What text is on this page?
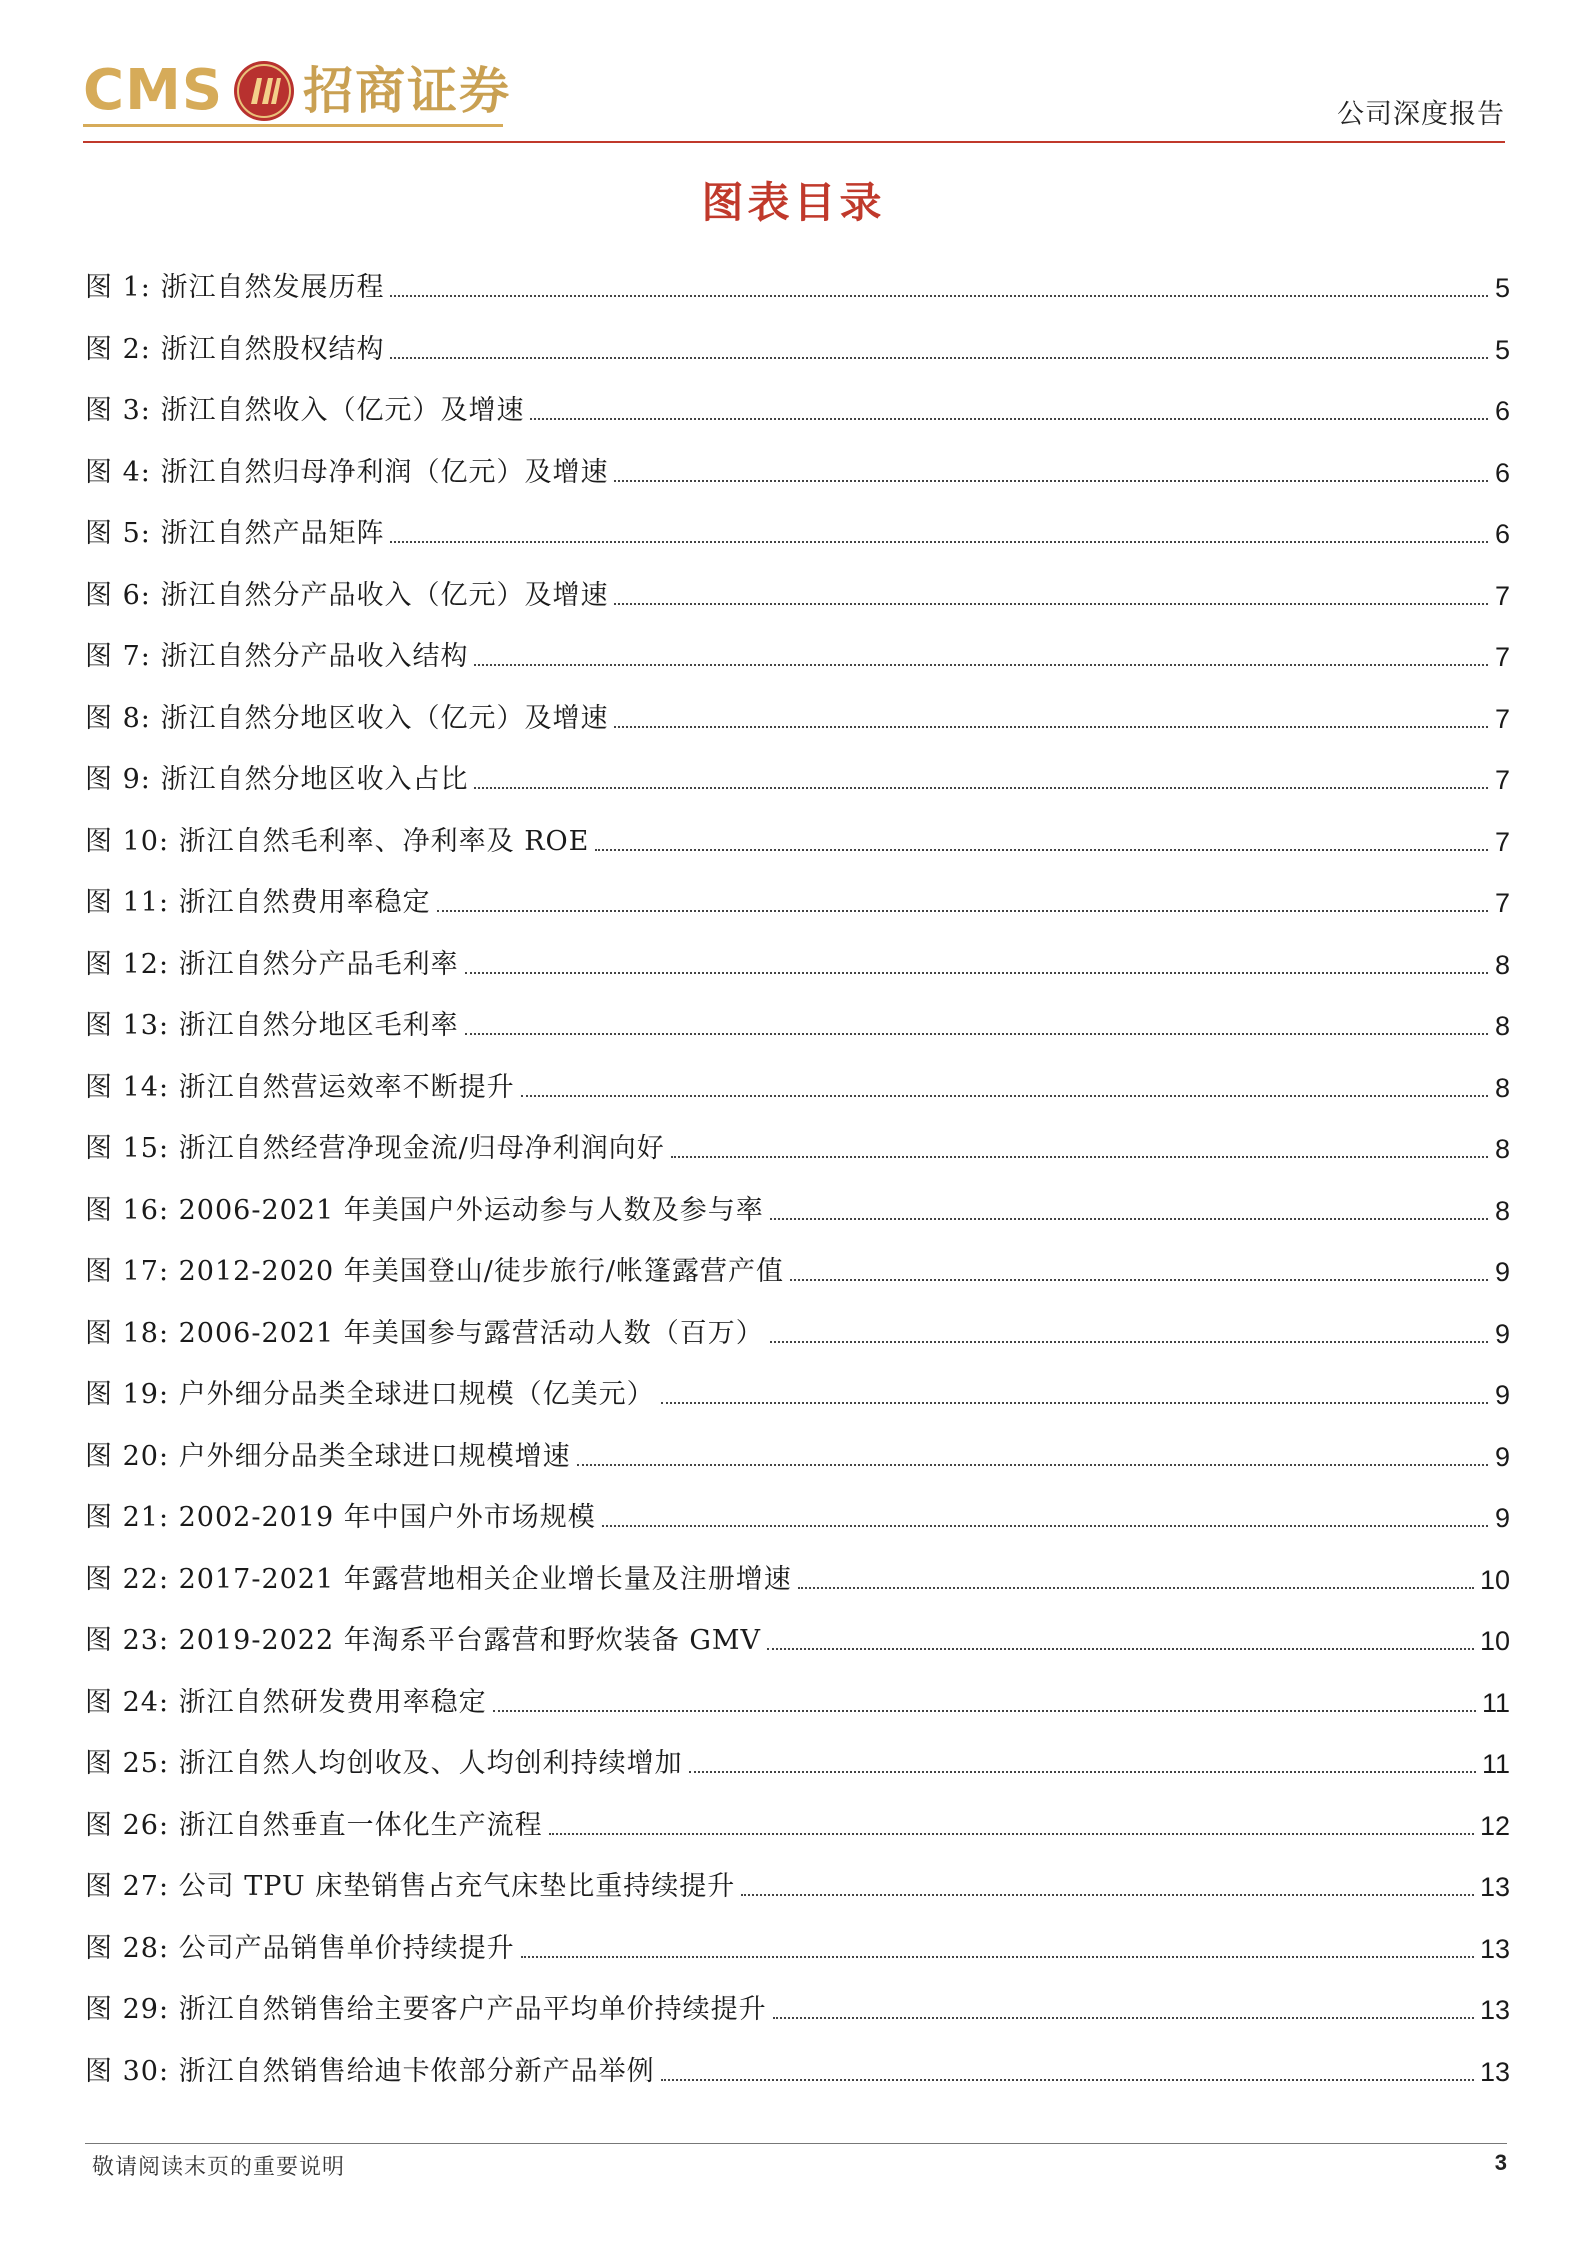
CMS 招商证券	公司深度报告
图表目录
图 1: 浙江自然发展历程	5
图 2: 浙江自然股权结构	5
图 3: 浙江自然收入（亿元）及增速	6
图 4: 浙江自然归母净利润（亿元）及增速	6
图 5: 浙江自然产品矩阵	6
图 6: 浙江自然分产品收入（亿元）及增速	7
图 7: 浙江自然分产品收入结构	7
图 8: 浙江自然分地区收入（亿元）及增速	7
图 9: 浙江自然分地区收入占比	7
图 10: 浙江自然毛利率、净利率及 ROE	7
图 11: 浙江自然费用率稳定	7
图 12: 浙江自然分产品毛利率	8
图 13: 浙江自然分地区毛利率	8
图 14: 浙江自然营运效率不断提升	8
图 15: 浙江自然经营净现金流/归母净利润向好	8
图 16: 2006-2021 年美国户外运动参与人数及参与率	8
图 17: 2012-2020 年美国登山/徒步旅行/帐篷露营产值	9
图 18: 2006-2021 年美国参与露营活动人数（百万）	9
图 19: 户外细分品类全球进口规模（亿美元）	9
图 20: 户外细分品类全球进口规模增速	9
图 21: 2002-2019 年中国户外市场规模	9
图 22: 2017-2021 年露营地相关企业增长量及注册增速	10
图 23: 2019-2022 年淘系平台露营和野炊装备 GMV	10
图 24: 浙江自然研发费用率稳定	11
图 25: 浙江自然人均创收及、人均创利持续增加	11
图 26: 浙江自然垂直一体化生产流程	12
图 27: 公司 TPU 床垫销售占充气床垫比重持续提升	13
图 28: 公司产品销售单价持续提升	13
图 29: 浙江自然销售给主要客户产品平均单价持续提升	13
图 30: 浙江自然销售给迪卡侬部分新产品举例	13
敬请阅读末页的重要说明	3
